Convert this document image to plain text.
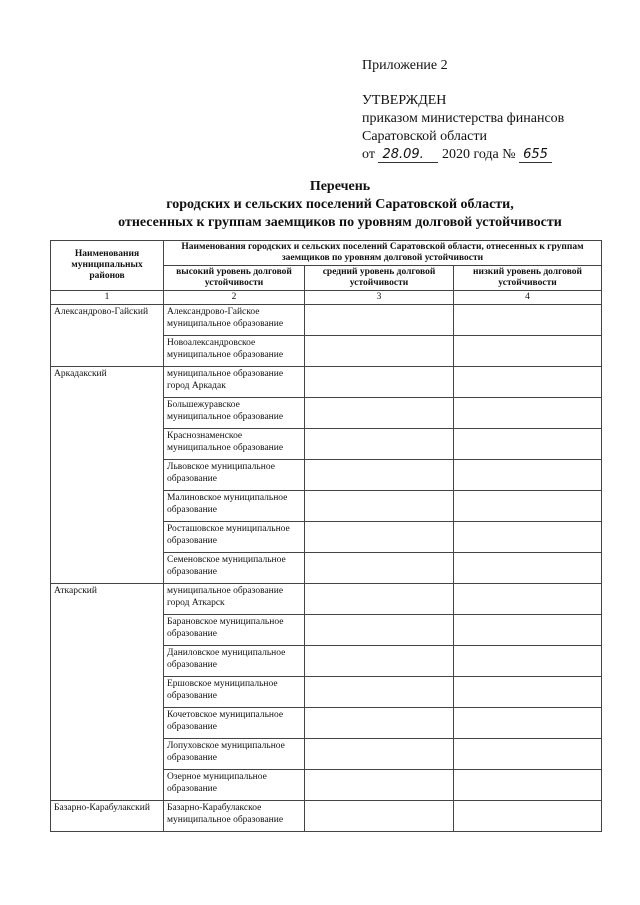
Приложение 2
УТВЕРЖДЕН
приказом министерства финансов
Саратовской области
от 28.09. 2020 года № 655
Перечень
городских и сельских поселений Саратовской области,
отнесенных к группам заемщиков по уровням долговой устойчивости
Наименования муниципальных районов	Наименования городских и сельских поселений Саратовской области, отнесенных к группам заемщиков по уровням долговой устойчивости		
	высокий уровень долговой устойчивости	средний уровень долговой устойчивости	низкий уровень долговой устойчивости
1	2	3	4
Александрово-Гайский	Александрово-Гайское муниципальное образование		
	Новоалександровское муниципальное образование		
Аркадакский	муниципальное образование город Аркадак		
	Большежуравское муниципальное образование		
	Краснознаменское муниципальное образование		
	Львовское муниципальное образование		
	Малиновское муниципальное образование		
	Росташовское муниципальное образование		
	Семеновское муниципальное образование		
Аткарский	муниципальное образование город Аткарск		
	Барановское муниципальное образование		
	Даниловское муниципальное образование		
	Ершовское муниципальное образование		
	Кочетовское муниципальное образование		
	Лопуховское муниципальное образование		
	Озерное муниципальное образование		
Базарно-Карабулакский	Базарно-Карабулакское муниципальное образование		
